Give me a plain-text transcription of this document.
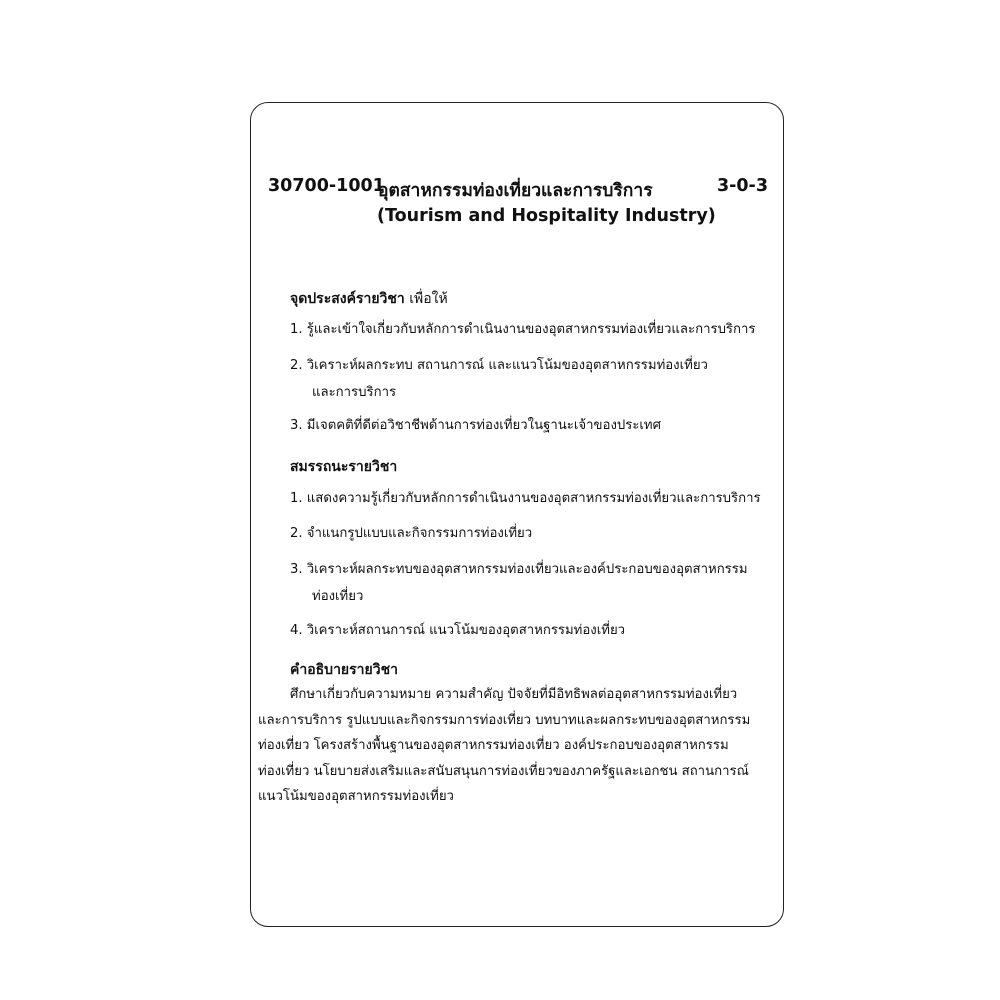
30700-1001
อุตสาหกรรมท่องเที่ยวและการบริการ	3-0-3
(Tourism and Hospitality Industry)
จุดประสงค์รายวิชา เพื่อให้
1. รู้และเข้าใจเกี่ยวกับหลักการดำเนินงานของอุตสาหกรรมท่องเที่ยวและการบริการ
2. วิเคราะห์ผลกระทบ สถานการณ์ และแนวโน้มของอุตสาหกรรมท่องเที่ยว
และการบริการ
3. มีเจตคติที่ดีต่อวิชาชีพด้านการท่องเที่ยวในฐานะเจ้าของประเทศ
สมรรถนะรายวิชา
1. แสดงความรู้เกี่ยวกับหลักการดำเนินงานของอุตสาหกรรมท่องเที่ยวและการบริการ
2. จำแนกรูปแบบและกิจกรรมการท่องเที่ยว
3. วิเคราะห์ผลกระทบของอุตสาหกรรมท่องเที่ยวและองค์ประกอบของอุตสาหกรรม
ท่องเที่ยว
4. วิเคราะห์สถานการณ์ แนวโน้มของอุตสาหกรรมท่องเที่ยว
คำอธิบายรายวิชา
ศึกษาเกี่ยวกับความหมาย ความสำคัญ ปัจจัยที่มีอิทธิพลต่ออุตสาหกรรมท่องเที่ยว
และการบริการ รูปแบบและกิจกรรมการท่องเที่ยว บทบาทและผลกระทบของอุตสาหกรรม
ท่องเที่ยว โครงสร้างพื้นฐานของอุตสาหกรรมท่องเที่ยว องค์ประกอบของอุตสาหกรรม
ท่องเที่ยว นโยบายส่งเสริมและสนับสนุนการท่องเที่ยวของภาครัฐและเอกชน สถานการณ์
แนวโน้มของอุตสาหกรรมท่องเที่ยว
